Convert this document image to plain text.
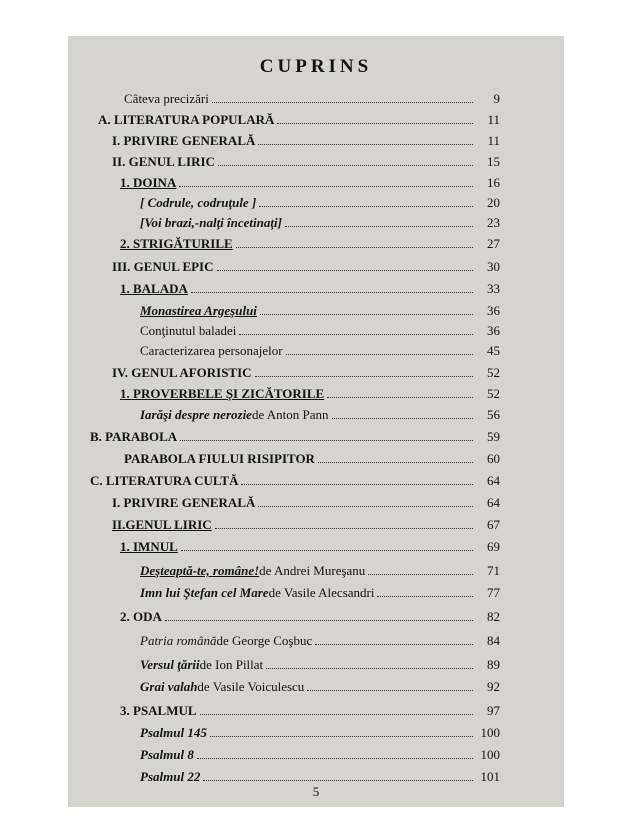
CUPRINS
Câteva precizări	9
A. LITERATURA POPULARĂ	11
I. PRIVIRE GENERALĂ	11
II. GENUL LIRIC	15
1. DOINA	16
[ Codrule, codruţule ]	20
[Voi brazi,-nalţi încetinaţi]	23
2. STRIGĂTURILE	27
III. GENUL EPIC	30
1. BALADA	33
Monastirea Argeşului	36
Conţinutul baladei	36
Caracterizarea personajelor	45
IV. GENUL AFORISTIC	52
1. PROVERBELE ŞI ZICĂTORILE	52
Iarăşi despre nerozie de Anton Pann	56
B. PARABOLA	59
PARABOLA FIULUI RISIPITOR	60
C. LITERATURA CULTĂ	64
I. PRIVIRE GENERALĂ	64
II.GENUL LIRIC	67
1. IMNUL	69
Deşteaptă-te, române! de Andrei Mureşanu	71
Imn lui Ştefan cel Mare de Vasile Alecsandri	77
2. ODA	82
Patria română de George Coşbuc	84
Versul ţării de Ion Pillat	89
Grai valah de Vasile Voiculescu	92
3. PSALMUL	97
Psalmul 145	100
Psalmul 8	100
Psalmul 22	101
5
